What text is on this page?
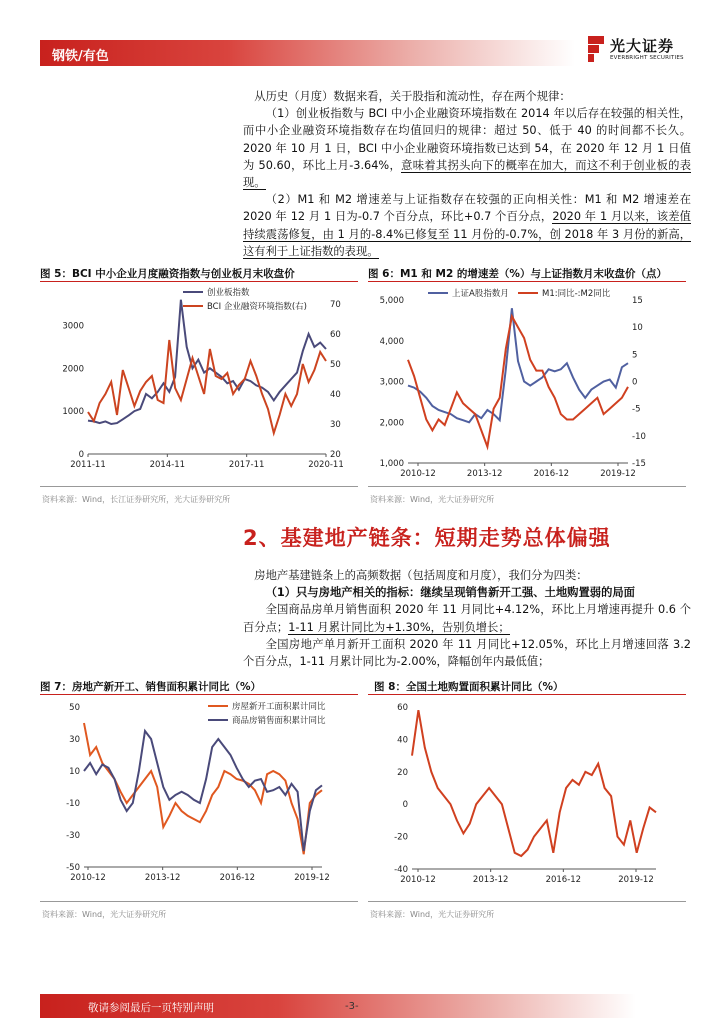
钢铁/有色
光大证券
EVERBRIGHT SECURITIES

从历史（月度）数据来看，关于股指和流动性，存在两个规律：

（1）创业板指数与 BCI 中小企业融资环境指数在 2014 年以后存在较强的相关性，而中小企业融资环境指数存在均值回归的规律：超过 50、低于 40 的时间都不长久。2020 年 10 月 1 日，BCI 中小企业融资环境指数已达到 54，在 2020 年 12 月 1 日值为 50.60，环比上月-3.64%，意味着其拐头向下的概率在加大，而这不利于创业板的表现。

（2）M1 和 M2 增速差与上证指数存在较强的正向相关性：M1 和 M2 增速差在 2020 年 12 月 1 日为-0.7 个百分点，环比+0.7 个百分点，2020 年 1 月以来，该差值持续震荡修复，由 1 月的-8.4%已修复至 11 月份的-0.7%，创 2018 年 3 月份的新高，这有利于上证指数的表现。

图 5：BCI 中小企业月度融资指数与创业板月末收盘价
0
1000
2000
3000
20
30
40
50
60
70
2011-11	2014-11	2017-11	2020-11
创业板指数
BCI 企业融资环境指数(右)
资料来源：Wind，长江证券研究所，光大证券研究所
图 6：M1 和 M2 的增速差（%）与上证指数月末收盘价（点）
1,000
2,000
3,000
4,000
5,000
-15
-10
-5
0
5
10
15
2010-12	2013-12	2016-12	2019-12
上证A股指数月	M1:同比-:M2同比
资料来源：Wind，光大证券研究所
2、基建地产链条：短期走势总体偏强

房地产基建链条上的高频数据（包括周度和月度），我们分为四类：

（1）只与房地产相关的指标：继续呈现销售新开工强、土地购置弱的局面

全国商品房单月销售面积 2020 年 11 月同比+4.12%，环比上月增速再提升 0.6 个百分点；1-11 月累计同比为+1.30%，告别负增长；

全国房地产单月新开工面积 2020 年 11 月同比+12.05%，环比上月增速回落 3.2 个百分点，1-11 月累计同比为-2.00%，降幅创年内最低值；

图 7：房地产新开工、销售面积累计同比（%）
-50
-30
-10
10
30
50
2010-12	2013-12	2016-12	2019-12
房屋新开工面积累计同比
商品房销售面积累计同比
资料来源：Wind，光大证券研究所
图 8：全国土地购置面积累计同比（%）
-40
-20
0
20
40
60
2010-12	2013-12	2016-12	2019-12
资料来源：Wind，光大证券研究所
敬请参阅最后一页特别声明	-3-
